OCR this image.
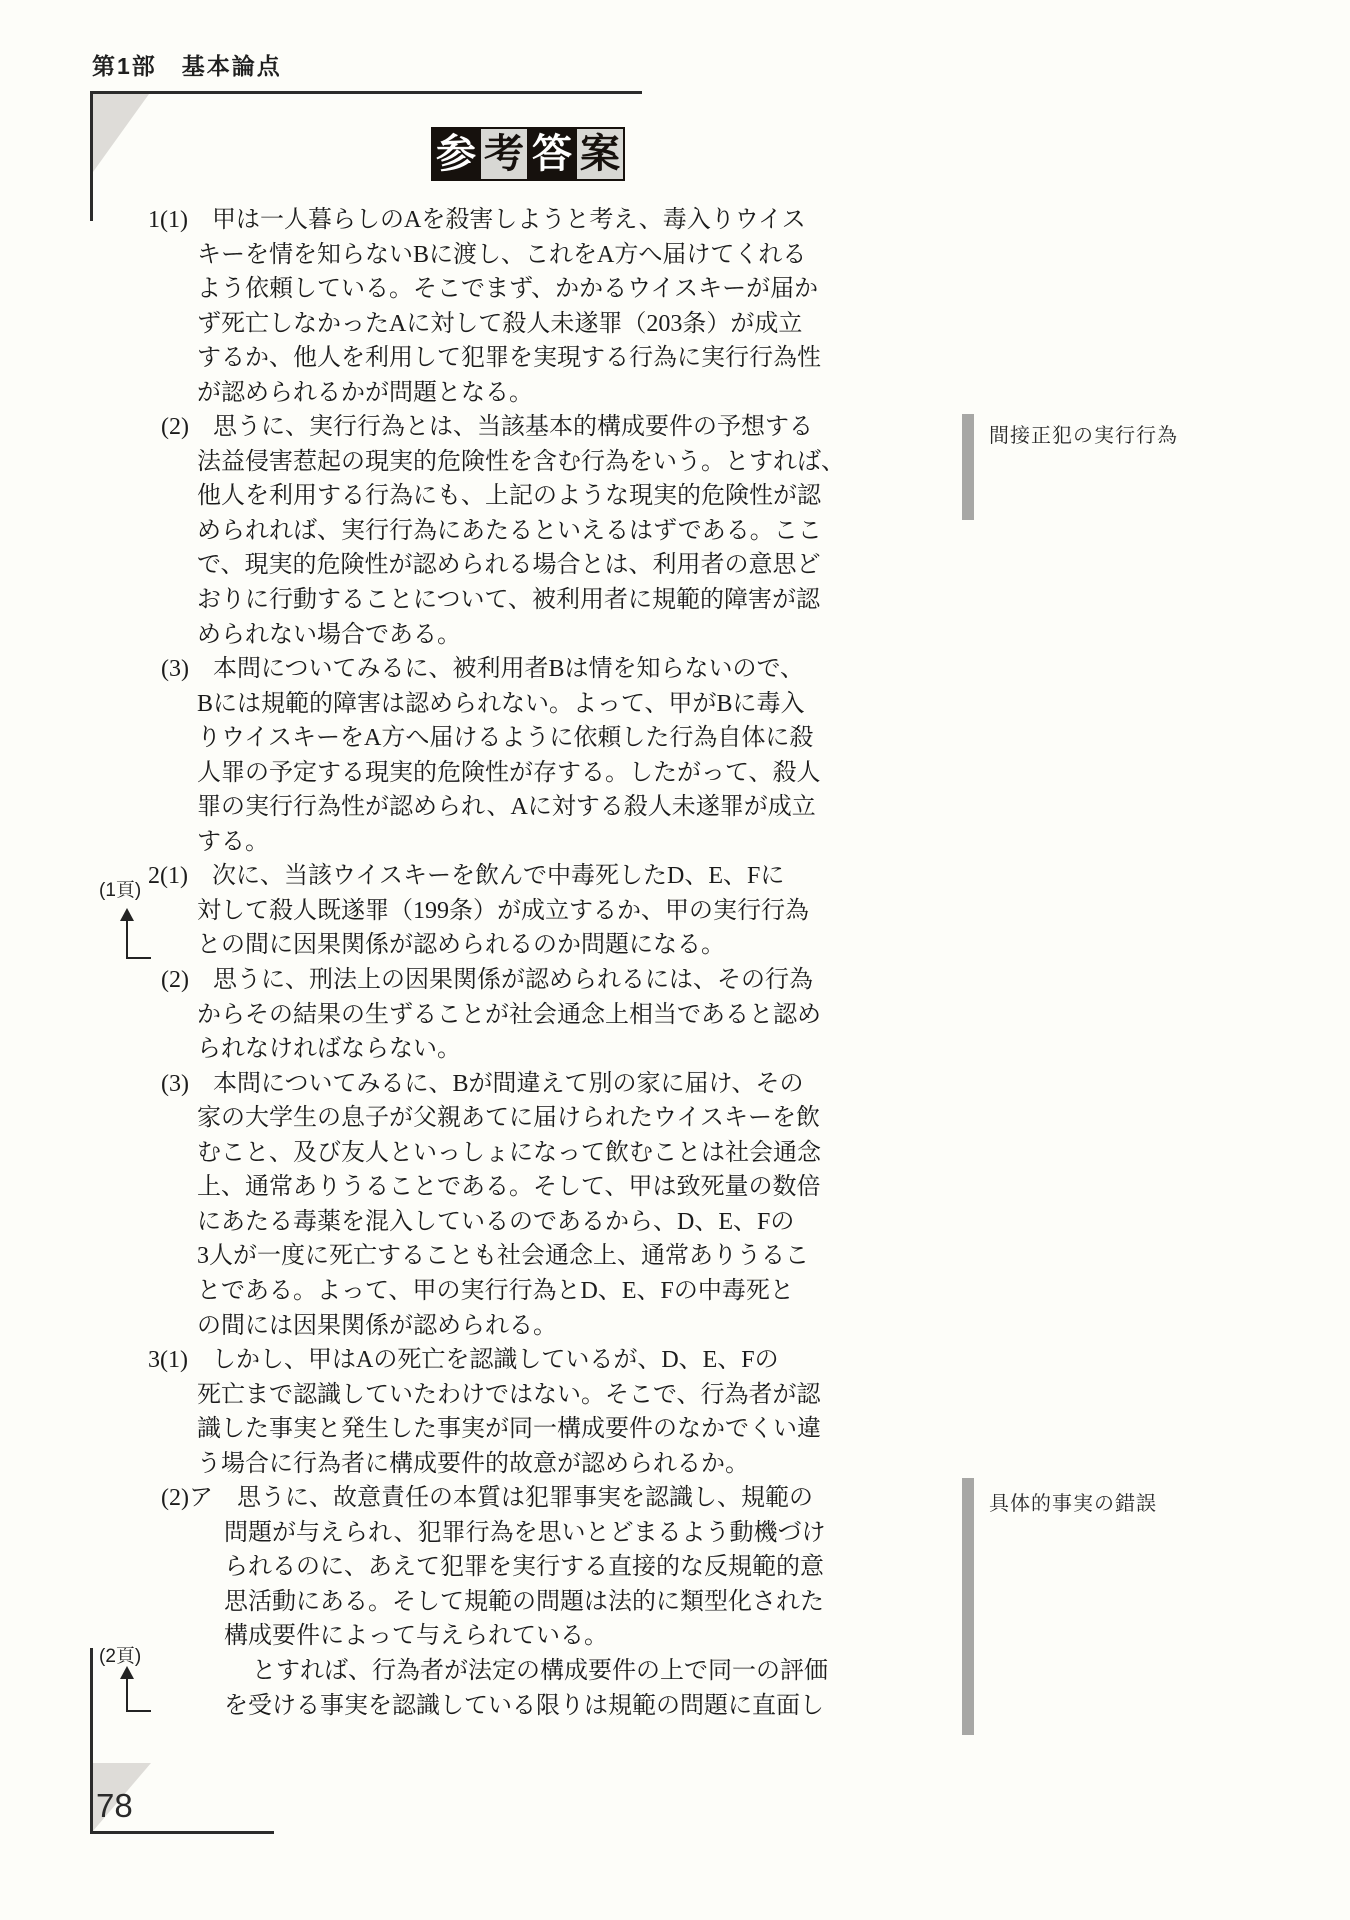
第1部　基本論点
参 考 答 案
1(1)　甲は一人暮らしのAを殺害しようと考え、毒入りウイス
キーを情を知らないBに渡し、これをA方へ届けてくれる
よう依頼している。そこでまず、かかるウイスキーが届か
ず死亡しなかったAに対して殺人未遂罪（203条）が成立
するか、他人を利用して犯罪を実現する行為に実行行為性
が認められるかが問題となる。
(2)　思うに、実行行為とは、当該基本的構成要件の予想する
法益侵害惹起の現実的危険性を含む行為をいう。とすれば、
他人を利用する行為にも、上記のような現実的危険性が認
められれば、実行行為にあたるといえるはずである。ここ
で、現実的危険性が認められる場合とは、利用者の意思ど
おりに行動することについて、被利用者に規範的障害が認
められない場合である。
(3)　本問についてみるに、被利用者Bは情を知らないので、
Bには規範的障害は認められない。よって、甲がBに毒入
りウイスキーをA方へ届けるように依頼した行為自体に殺
人罪の予定する現実的危険性が存する。したがって、殺人
罪の実行行為性が認められ、Aに対する殺人未遂罪が成立
する。
2(1)　次に、当該ウイスキーを飲んで中毒死したD、E、Fに
対して殺人既遂罪（199条）が成立するか、甲の実行行為
との間に因果関係が認められるのか問題になる。
(2)　思うに、刑法上の因果関係が認められるには、その行為
からその結果の生ずることが社会通念上相当であると認め
られなければならない。
(3)　本問についてみるに、Bが間違えて別の家に届け、その
家の大学生の息子が父親あてに届けられたウイスキーを飲
むこと、及び友人といっしょになって飲むことは社会通念
上、通常ありうることである。そして、甲は致死量の数倍
にあたる毒薬を混入しているのであるから、D、E、Fの
3人が一度に死亡することも社会通念上、通常ありうるこ
とである。よって、甲の実行行為とD、E、Fの中毒死と
の間には因果関係が認められる。
3(1)　しかし、甲はAの死亡を認識しているが、D、E、Fの
死亡まで認識していたわけではない。そこで、行為者が認
識した事実と発生した事実が同一構成要件のなかでくい違
う場合に行為者に構成要件的故意が認められるか。
(2)ア　思うに、故意責任の本質は犯罪事実を認識し、規範の
問題が与えられ、犯罪行為を思いとどまるよう動機づけ
られるのに、あえて犯罪を実行する直接的な反規範的意
思活動にある。そして規範の問題は法的に類型化された
構成要件によって与えられている。
とすれば、行為者が法定の構成要件の上で同一の評価
を受ける事実を認識している限りは規範の問題に直面し
間接正犯の実行行為
具体的事実の錯誤
(1頁)
(2頁)
78
